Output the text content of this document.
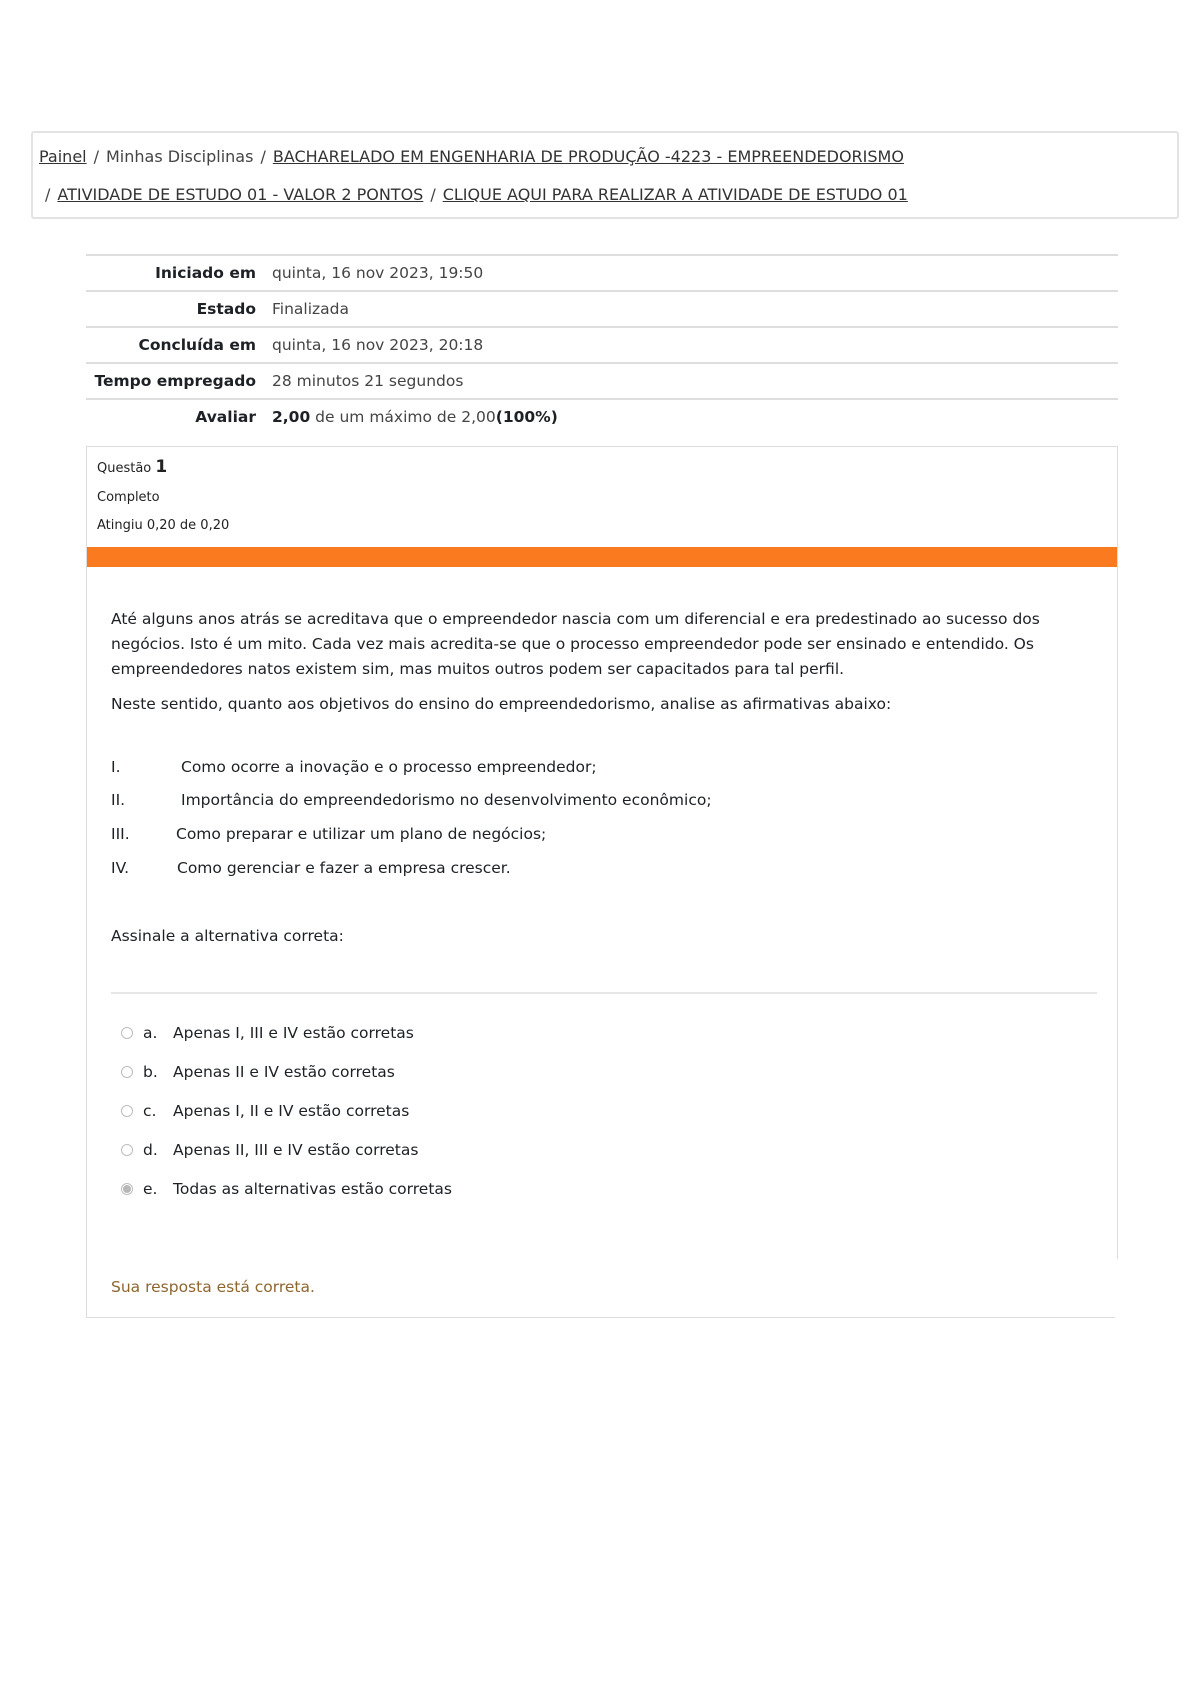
Painel / Minhas Disciplinas / BACHARELADO EM ENGENHARIA DE PRODUÇÃO -4223 - EMPREENDEDORISMO
/ ATIVIDADE DE ESTUDO 01 - VALOR 2 PONTOS / CLIQUE AQUI PARA REALIZAR A ATIVIDADE DE ESTUDO 01
Iniciado em	quinta, 16 nov 2023, 19:50
Estado	Finalizada
Concluída em	quinta, 16 nov 2023, 20:18
Tempo empregado	28 minutos 21 segundos
Avaliar	2,00 de um máximo de 2,00(100%)
Questão 1
Completo
Atingiu 0,20 de 0,20

Até alguns anos atrás se acreditava que o empreendedor nascia com um diferencial e era predestinado ao sucesso dos negócios. Isto é um mito. Cada vez mais acredita-se que o processo empreendedor pode ser ensinado e entendido. Os empreendedores natos existem sim, mas muitos outros podem ser capacitados para tal perfil.

Neste sentido, quanto aos objetivos do ensino do empreendedorismo, analise as afirmativas abaixo:

I.	Como ocorre a inovação e o processo empreendedor;
II.	Importância do empreendedorismo no desenvolvimento econômico;
III.	Como preparar e utilizar um plano de negócios;
IV.	Como gerenciar e fazer a empresa crescer.
Assinale a alternativa correta:
a.	Apenas I, III e IV estão corretas
b. Apenas II e IV estão corretas
c.	Apenas I, II e IV estão corretas
d. Apenas II, III e IV estão corretas
e.	Todas as alternativas estão corretas
Sua resposta está correta.
